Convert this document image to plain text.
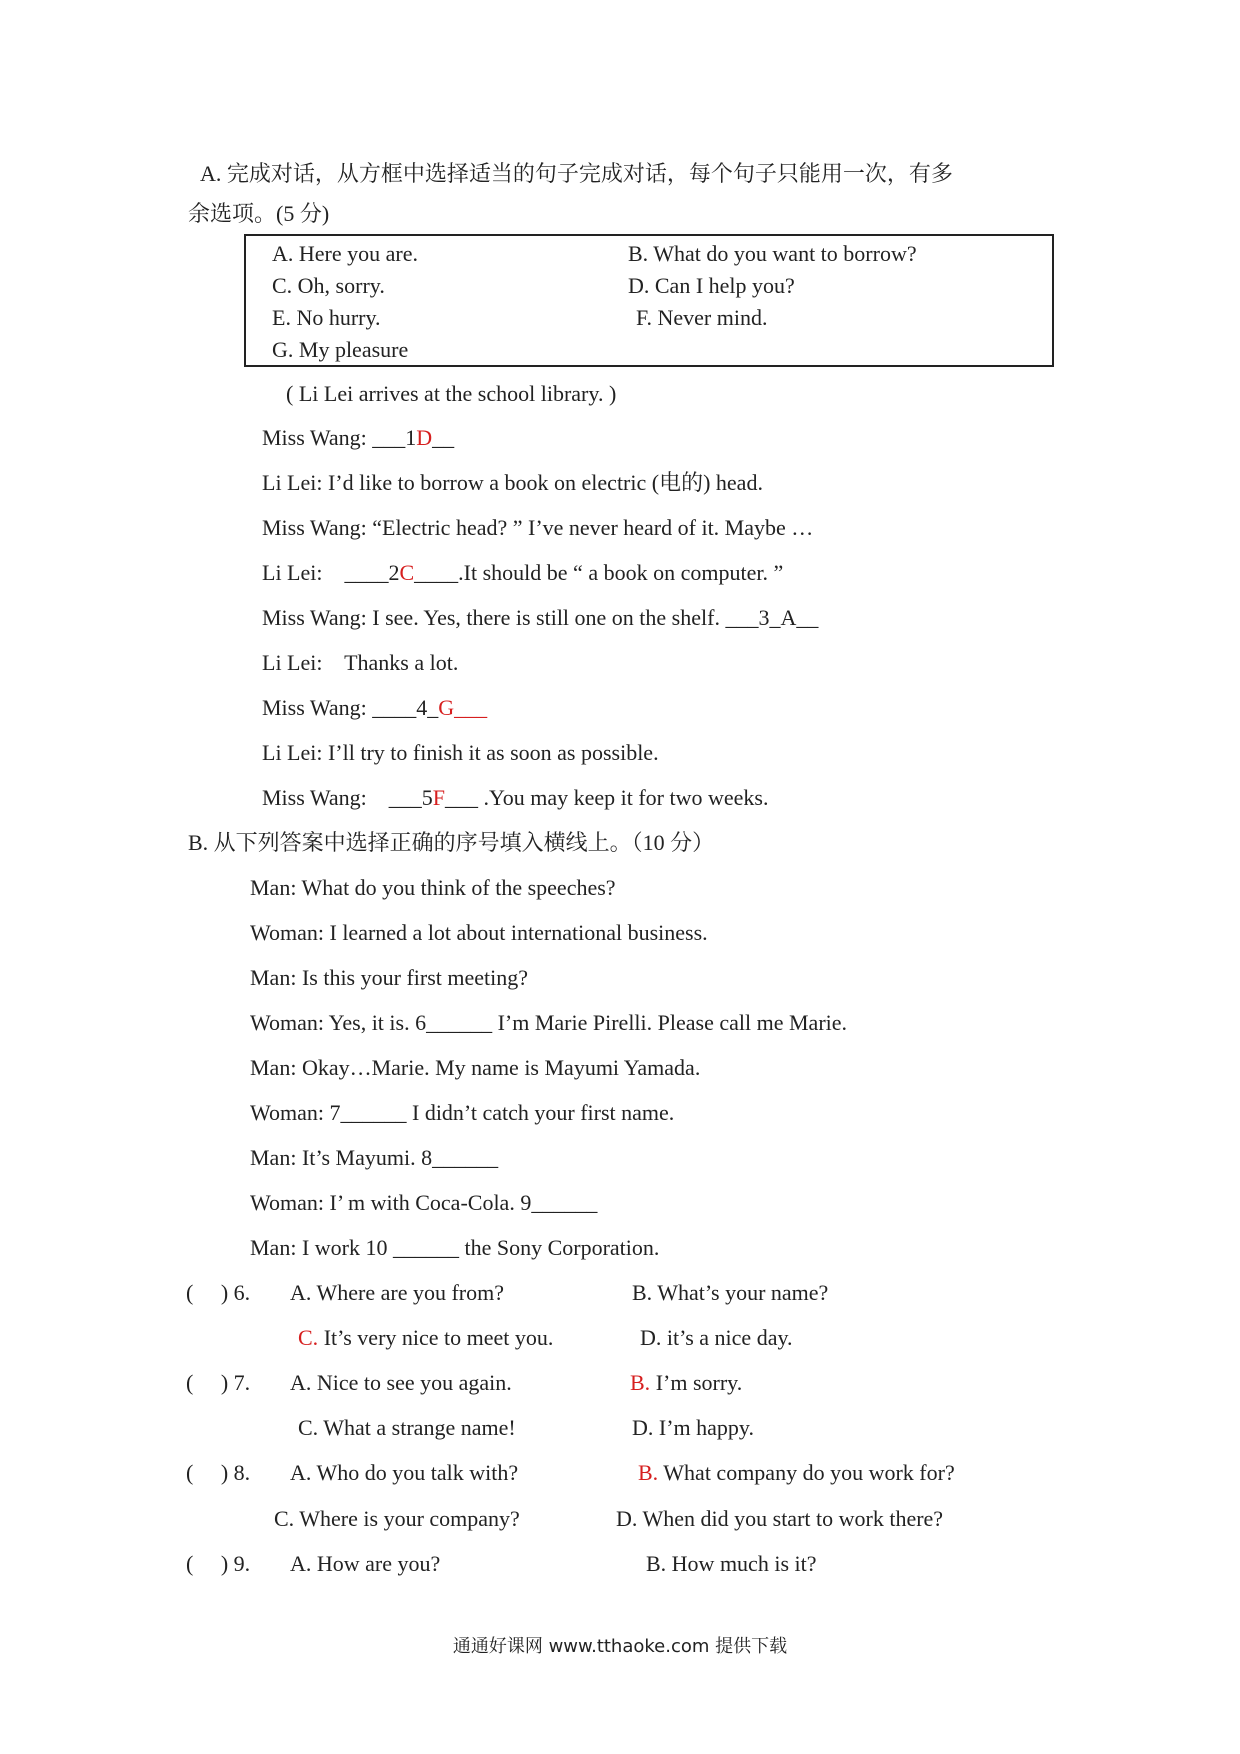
A. 完成对话，从方框中选择适当的句子完成对话，每个句子只能用一次，有多
余选项。(5 分)
A. Here you are.	B. What do you want to borrow?
C. Oh, sorry.	D. Can I help you?
E. No hurry.	F. Never mind.
G. My pleasure
( Li Lei arrives at the school library. )
Miss Wang: ___1D__
Li Lei: I’d like to borrow a book on electric (电的) head.
Miss Wang: “Electric head? ” I’ve never heard of it. Maybe …
Li Lei:    ____2C____.It should be “ a book on computer. ”
Miss Wang: I see. Yes, there is still one on the shelf. ___3_A__
Li Lei:    Thanks a lot.
Miss Wang: ____4_G___
Li Lei: I’ll try to finish it as soon as possible.
Miss Wang:    ___5F___ .You may keep it for two weeks.
B. 从下列答案中选择正确的序号填入横线上。（10 分）
Man: What do you think of the speeches?
Woman: I learned a lot about international business.
Man: Is this your first meeting?
Woman: Yes, it is. 6______ I’m Marie Pirelli. Please call me Marie.
Man: Okay…Marie. My name is Mayumi Yamada.
Woman: 7______ I didn’t catch your first name.
Man: It’s Mayumi. 8______
Woman: I’ m with Coca-Cola. 9______
Man: I work 10 ______ the Sony Corporation.
(     ) 6. A. Where are you from?	B. What’s your name?
C. It’s very nice to meet you.	D. it’s a nice day.
(     ) 7. A. Nice to see you again.	B. I’m sorry.
C. What a strange name!	D. I’m happy.
(     ) 8. A. Who do you talk with?	B. What company do you work for?
C. Where is your company?	D. When did you start to work there?
(     ) 9. A. How are you?	B. How much is it?
通通好课网 www.tthaoke.com 提供下载
